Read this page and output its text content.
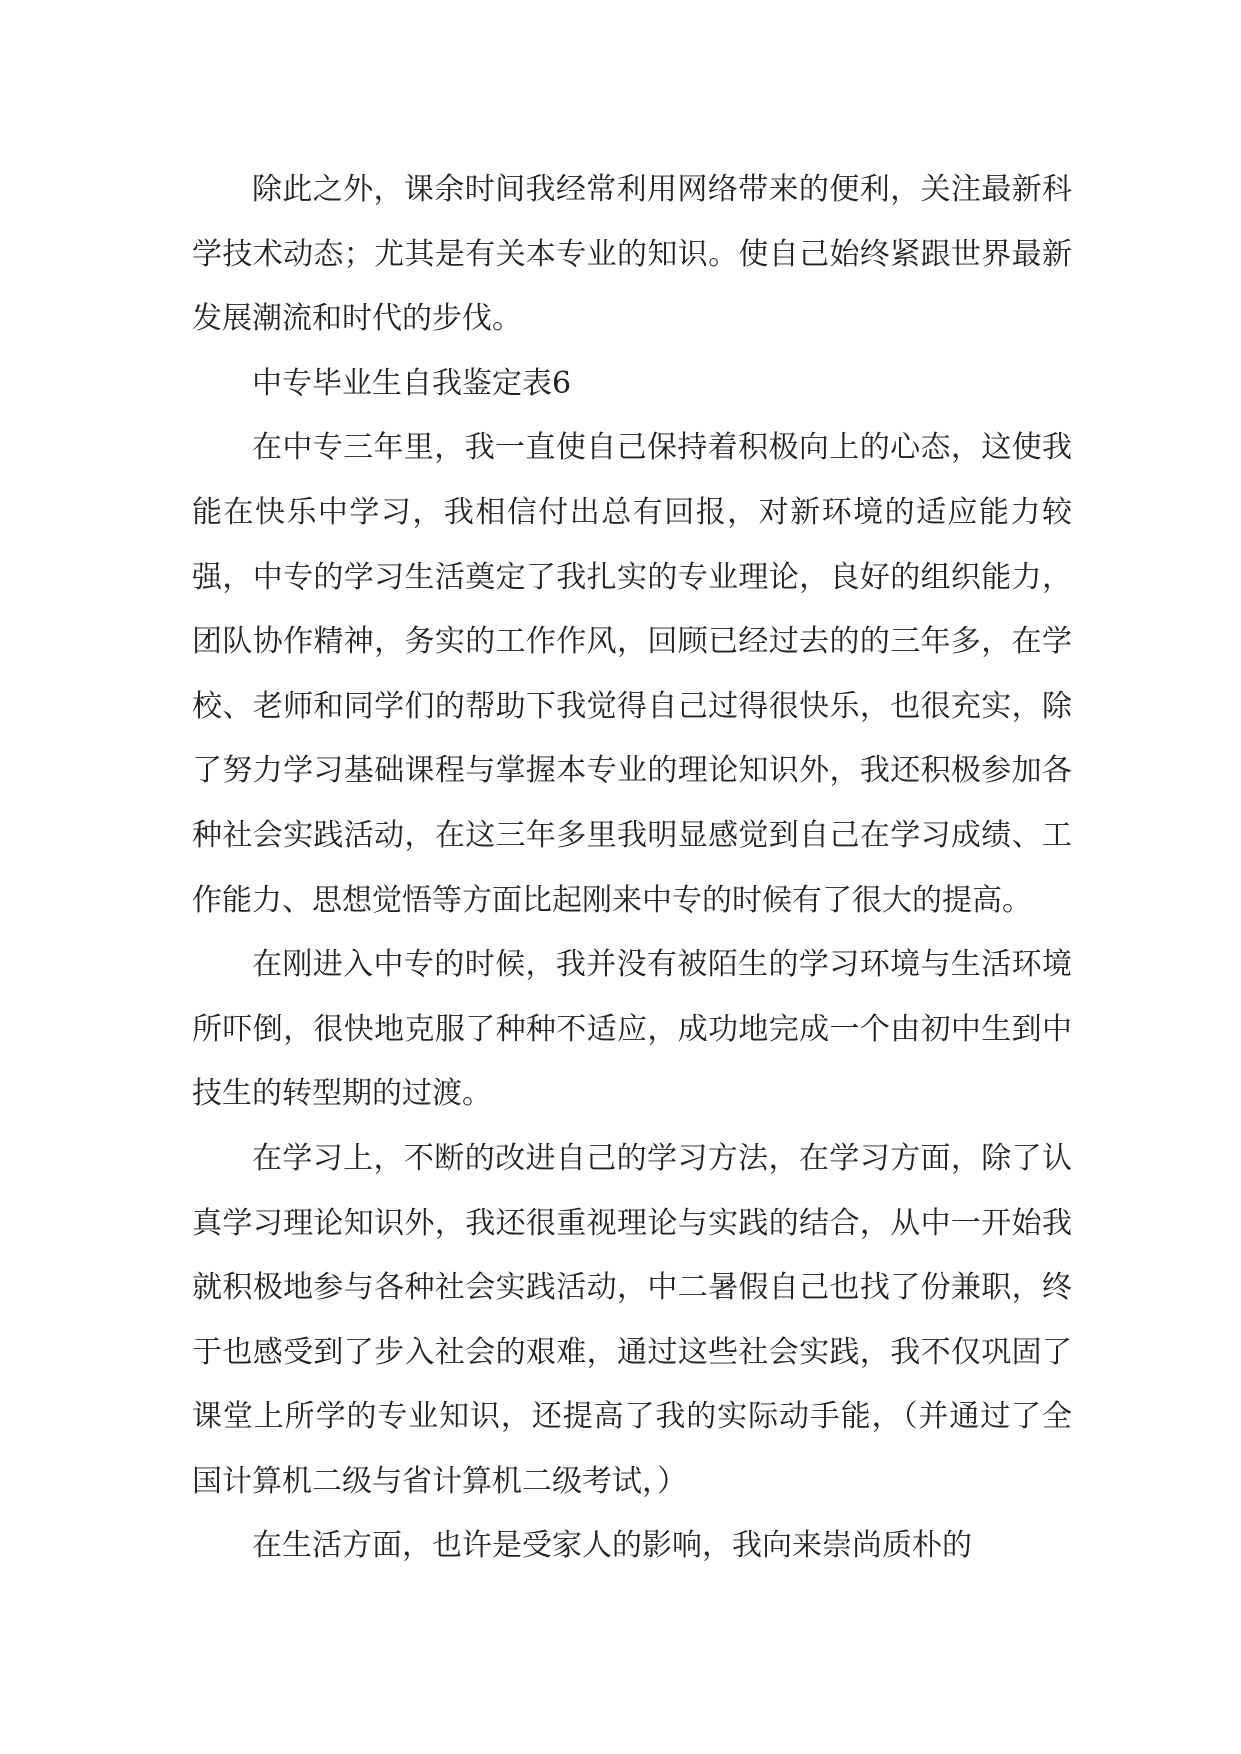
除此之外，课余时间我经常利用网络带来的便利，关注最新科学技术动态；尤其是有关本专业的知识。使自己始终紧跟世界最新发展潮流和时代的步伐。

中专毕业生自我鉴定表6

在中专三年里，我一直使自己保持着积极向上的心态，这使我能在快乐中学习，我相信付出总有回报，对新环境的适应能力较强，中专的学习生活奠定了我扎实的专业理论，良好的组织能力，团队协作精神，务实的工作作风，回顾已经过去的的三年多，在学校、老师和同学们的帮助下我觉得自己过得很快乐，也很充实，除了努力学习基础课程与掌握本专业的理论知识外，我还积极参加各种社会实践活动，在这三年多里我明显感觉到自己在学习成绩、工作能力、思想觉悟等方面比起刚来中专的时候有了很大的提高。

在刚进入中专的时候，我并没有被陌生的学习环境与生活环境所吓倒，很快地克服了种种不适应，成功地完成一个由初中生到中技生的转型期的过渡。

在学习上，不断的改进自己的学习方法，在学习方面，除了认真学习理论知识外，我还很重视理论与实践的结合，从中一开始我就积极地参与各种社会实践活动，中二暑假自己也找了份兼职，终于也感受到了步入社会的艰难，通过这些社会实践，我不仅巩固了课堂上所学的专业知识，还提高了我的实际动手能，（并通过了全国计算机二级与省计算机二级考试，）

在生活方面，也许是受家人的影响，我向来崇尚质朴的
